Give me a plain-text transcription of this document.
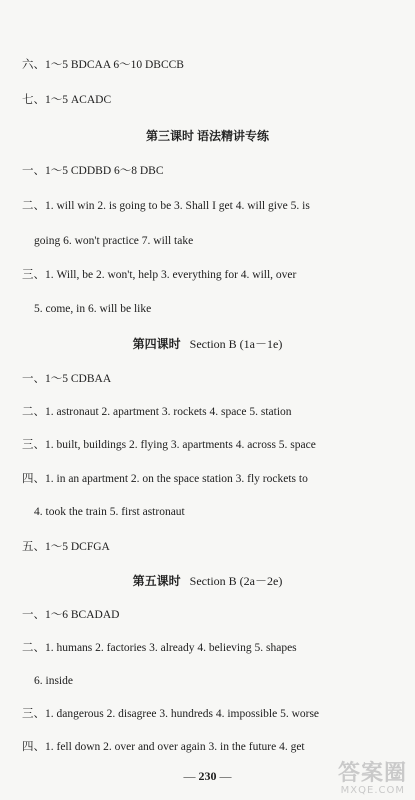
六、1～5 BDCAA 6～10 DBCCB
七、1～5 ACADC
第三课时 语法精讲专练
一、1～5 CDDBD 6～8 DBC
二、1. will win 2. is going to be 3. Shall I get 4. will give 5. is
going 6. won't practice 7. will take
三、1. Will, be 2. won't, help 3. everything for 4. will, over
5. come, in 6. will be like
第四课时 Section B (1a－1e)
一、1～5 CDBAA
二、1. astronaut 2. apartment 3. rockets 4. space 5. station
三、1. built, buildings 2. flying 3. apartments 4. across 5. space
四、1. in an apartment 2. on the space station 3. fly rockets to
4. took the train 5. first astronaut
五、1～5 DCFGA
第五课时 Section B (2a－2e)
一、1～6 BCADAD
二、1. humans 2. factories 3. already 4. believing 5. shapes
6. inside
三、1. dangerous 2. disagree 3. hundreds 4. impossible 5. worse
四、1. fell down 2. over and over again 3. in the future 4. get
— 230 —	答案圈
MXQE.COM
